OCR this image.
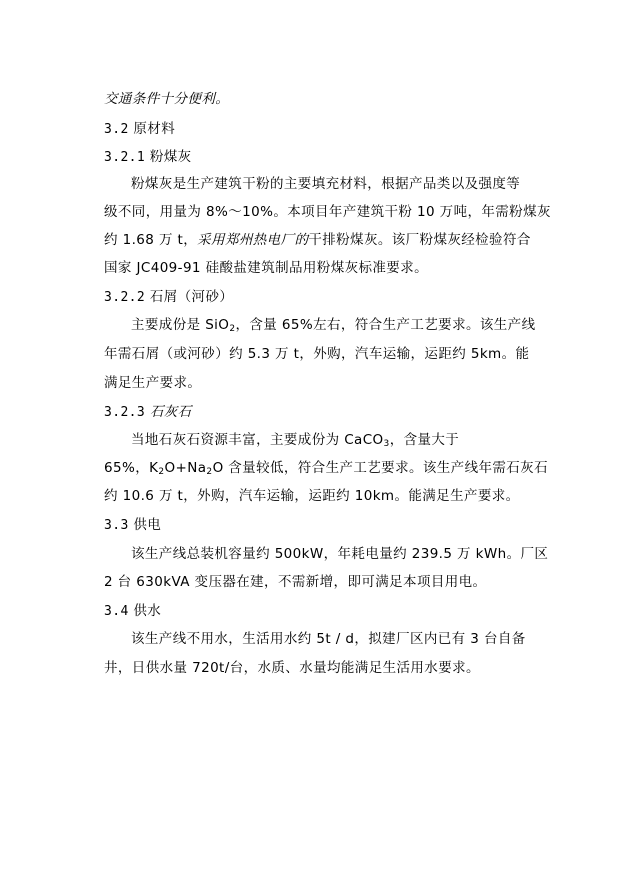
交通条件十分便利。
3.2 原材料
3.2.1 粉煤灰
粉煤灰是生产建筑干粉的主要填充材料，根据产品类以及强度等
级不同，用量为 8%～10%。本项目年产建筑干粉 10 万吨，年需粉煤灰
约 1.68 万 t，采用郑州热电厂的干排粉煤灰。该厂粉煤灰经检验符合
国家 JC409-91 硅酸盐建筑制品用粉煤灰标准要求。
3.2.2 石屑（河砂）
主要成份是 SiO$_2$，含量 65%左右，符合生产工艺要求。该生产线
年需石屑（或河砂）约 5.3 万 t，外购，汽车运输，运距约 5km。能
满足生产要求。
3.2.3 石灰石
当地石灰石资源丰富，主要成份为 CaCO$_3$，含量大于
65%，$K_2O+Na_2O$ 含量较低，符合生产工艺要求。该生产线年需石灰石
约 10.6 万 t，外购，汽车运输，运距约 10km。能满足生产要求。
3.3 供电
该生产线总装机容量约 500kW，年耗电量约 239.5 万 kWh。厂区
2 台 630kVA 变压器在建，不需新增，即可满足本项目用电。
3.4 供水
该生产线不用水，生活用水约 5t / d，拟建厂区内已有 3 台自备
井，日供水量 720t/台，水质、水量均能满足生活用水要求。
